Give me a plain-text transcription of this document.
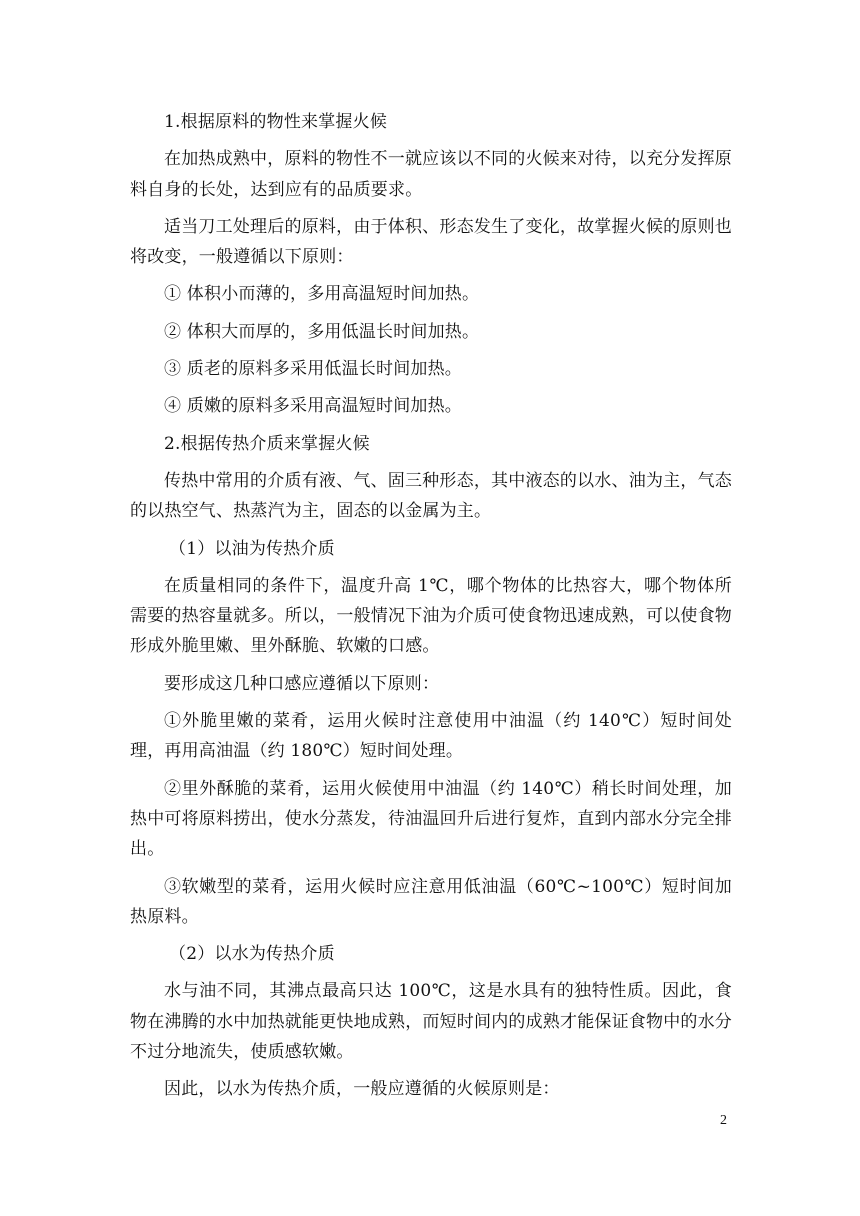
1.根据原料的物性来掌握火候

在加热成熟中，原料的物性不一就应该以不同的火候来对待，以充分发挥原料自身的长处，达到应有的品质要求。

适当刀工处理后的原料，由于体积、形态发生了变化，故掌握火候的原则也将改变，一般遵循以下原则：

① 体积小而薄的，多用高温短时间加热。

② 体积大而厚的，多用低温长时间加热。

③ 质老的原料多采用低温长时间加热。

④ 质嫩的原料多采用高温短时间加热。

2.根据传热介质来掌握火候

传热中常用的介质有液、气、固三种形态，其中液态的以水、油为主，气态的以热空气、热蒸汽为主，固态的以金属为主。

（1）以油为传热介质

在质量相同的条件下，温度升高 1℃，哪个物体的比热容大，哪个物体所需要的热容量就多。所以，一般情况下油为介质可使食物迅速成熟，可以使食物形成外脆里嫩、里外酥脆、软嫩的口感。

要形成这几种口感应遵循以下原则：

①外脆里嫩的菜肴，运用火候时注意使用中油温（约 140℃）短时间处理，再用高油温（约 180℃）短时间处理。

②里外酥脆的菜肴，运用火候使用中油温（约 140℃）稍长时间处理，加热中可将原料捞出，使水分蒸发，待油温回升后进行复炸，直到内部水分完全排出。

③软嫩型的菜肴，运用火候时应注意用低油温（60℃~100℃）短时间加热原料。

（2）以水为传热介质

水与油不同，其沸点最高只达 100℃，这是水具有的独特性质。因此，食物在沸腾的水中加热就能更快地成熟，而短时间内的成熟才能保证食物中的水分不过分地流失，使质感软嫩。

因此，以水为传热介质，一般应遵循的火候原则是：

2
